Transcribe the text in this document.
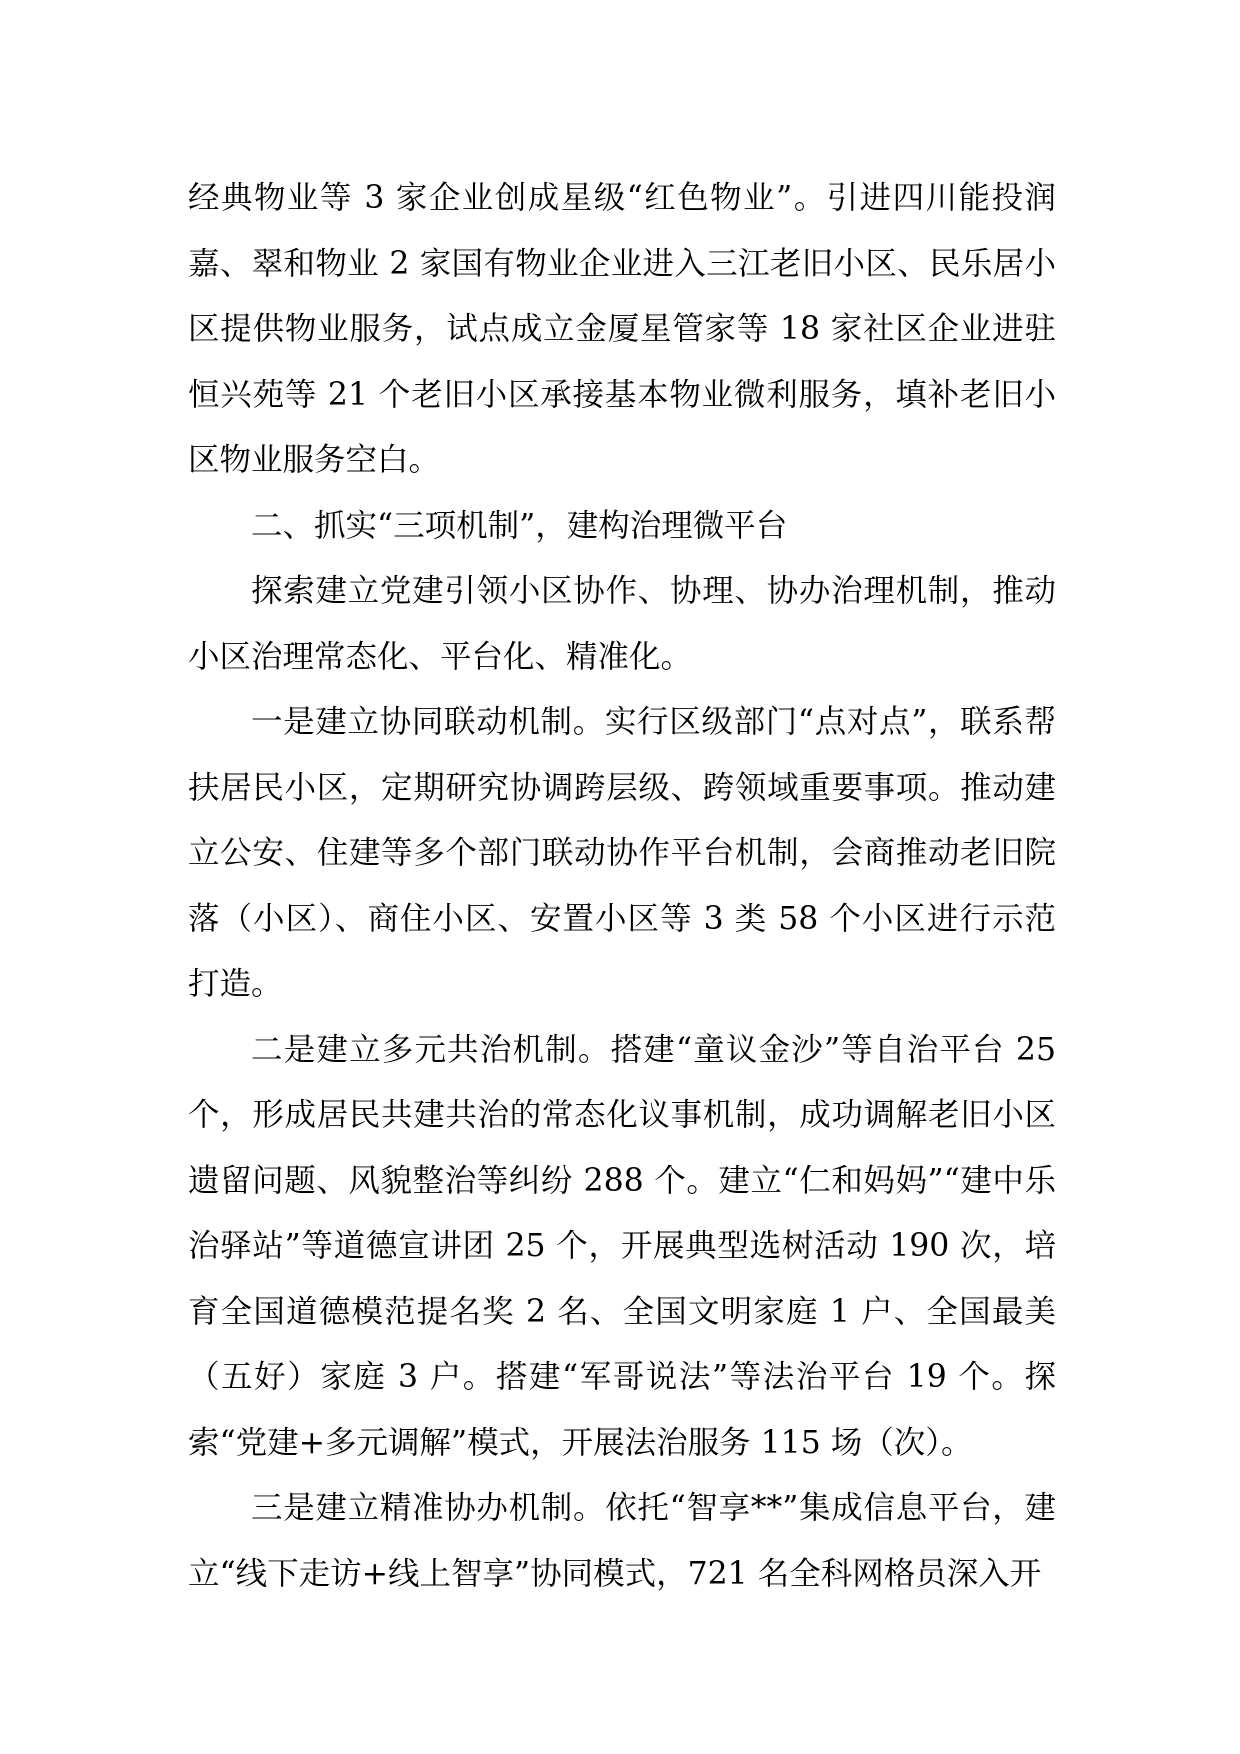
经典物业等 3 家企业创成星级“红色物业”。引进四川能投润嘉、翠和物业 2 家国有物业企业进入三江老旧小区、民乐居小区提供物业服务，试点成立金厦星管家等 18 家社区企业进驻恒兴苑等 21 个老旧小区承接基本物业微利服务，填补老旧小区物业服务空白。

二、抓实“三项机制”，建构治理微平台

探索建立党建引领小区协作、协理、协办治理机制，推动小区治理常态化、平台化、精准化。

一是建立协同联动机制。实行区级部门“点对点”，联系帮扶居民小区，定期研究协调跨层级、跨领域重要事项。推动建立公安、住建等多个部门联动协作平台机制，会商推动老旧院落（小区）、商住小区、安置小区等 3 类 58 个小区进行示范打造。

二是建立多元共治机制。搭建“童议金沙”等自治平台 25 个，形成居民共建共治的常态化议事机制，成功调解老旧小区遗留问题、风貌整治等纠纷 288 个。建立“仁和妈妈”“建中乐治驿站”等道德宣讲团 25 个，开展典型选树活动 190 次，培育全国道德模范提名奖 2 名、全国文明家庭 1 户、全国最美（五好）家庭 3 户。搭建“军哥说法”等法治平台 19 个。探索“党建+多元调解”模式，开展法治服务 115 场（次）。

三是建立精准协办机制。依托“智享**”集成信息平台，建立“线下走访+线上智享”协同模式，721 名全科网格员深入开
